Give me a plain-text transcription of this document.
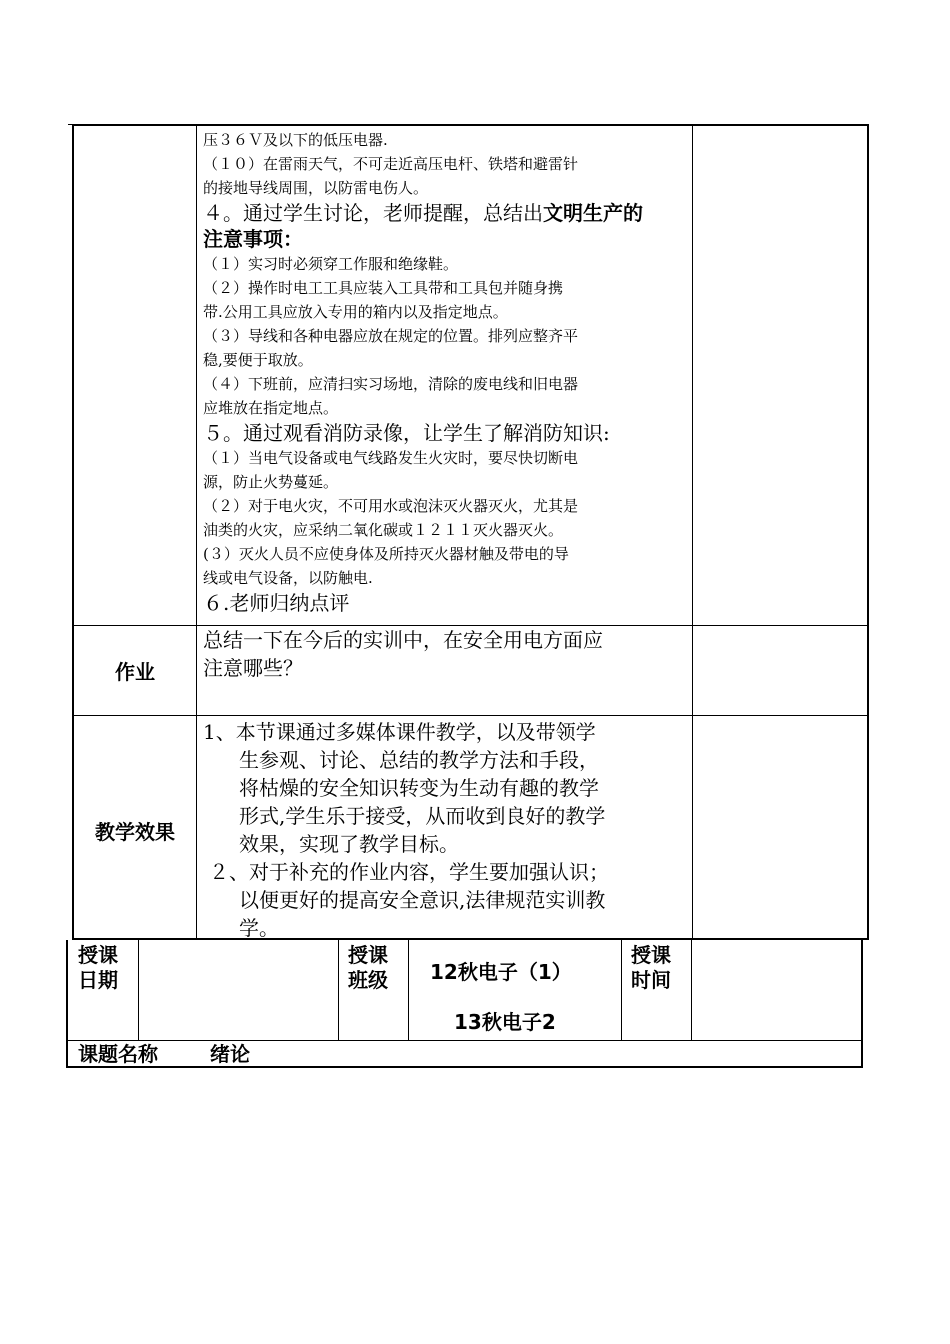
压３６Ｖ及以下的低压电器.

（１０）在雷雨天气，不可走近高压电杆、铁塔和避雷针

的接地导线周围，以防雷电伤人。

４。通过学生讨论，老师提醒，总结出文明生产的

注意事项：

（１）实习时必须穿工作服和绝缘鞋。

（２）操作时电工工具应装入工具带和工具包并随身携

带.公用工具应放入专用的箱内以及指定地点。

（３）导线和各种电器应放在规定的位置。排列应整齐平

稳,要便于取放。

（４）下班前，应清扫实习场地，清除的废电线和旧电器

应堆放在指定地点。

５。通过观看消防录像，让学生了解消防知识:

（１）当电气设备或电气线路发生火灾时，要尽快切断电

源，防止火势蔓延。

（２）对于电火灾，不可用水或泡沫灭火器灭火，尤其是

油类的火灾，应采纳二氧化碳或１２１１灭火器灭火。

(３）灭火人员不应使身体及所持灭火器材触及带电的导

线或电气设备，以防触电.

６.老师归纳点评

作业

总结一下在今后的实训中，在安全用电方面应

注意哪些？

教学效果

1、本节课通过多媒体课件教学，以及带领学

生参观、讨论、总结的教学方法和手段，

将枯燥的安全知识转变为生动有趣的教学

形式,学生乐于接受，从而收到良好的教学

效果，实现了教学目标。

２、对于补充的作业内容，学生要加强认识；

以便更好的提高安全意识,法律规范实训教

学。

授课
日期
授课
班级 12秋电子（1）
13秋电子2
授课
时间
课题名称	绪论
